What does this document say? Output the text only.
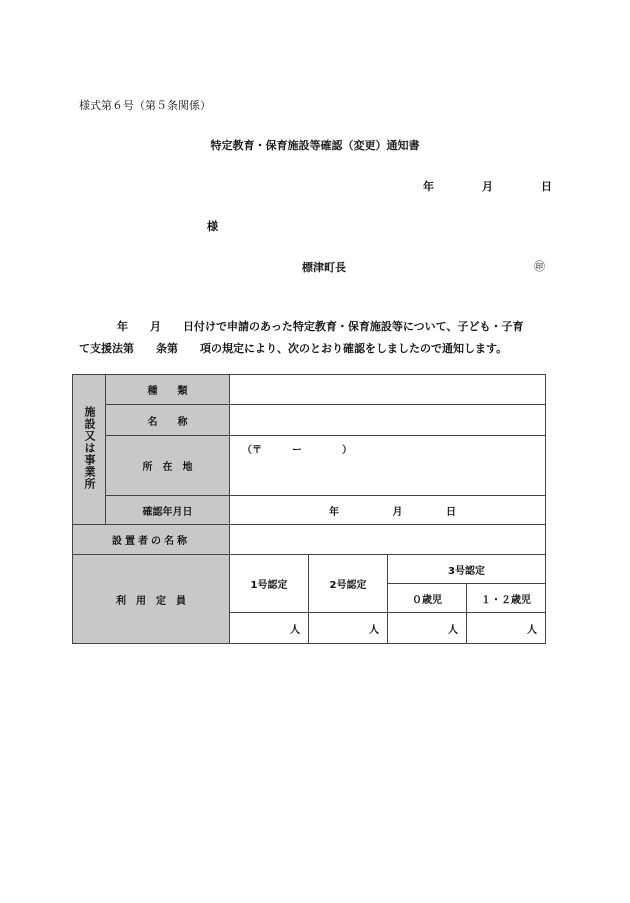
様式第６号（第５条関係）
特定教育・保育施設等確認（変更）通知書
年	月	日
様
標津町長	㊞
年　　月　　日付けで申請のあった特定教育・保育施設等について、子ども・子育
て支援法第　　条第　　項の規定により、次のとおり確認をしましたので通知します。
施設又は事業所	種　　類				
	名　　称				
	所　在　地	（〒　　　ー　　　　）			
	確認年月日	年 月 日			
設置者の名称					
利　用　定　員		1号認定	2号認定	3号認定	
				０歳児	１・２歳児
		人	人	人	人
